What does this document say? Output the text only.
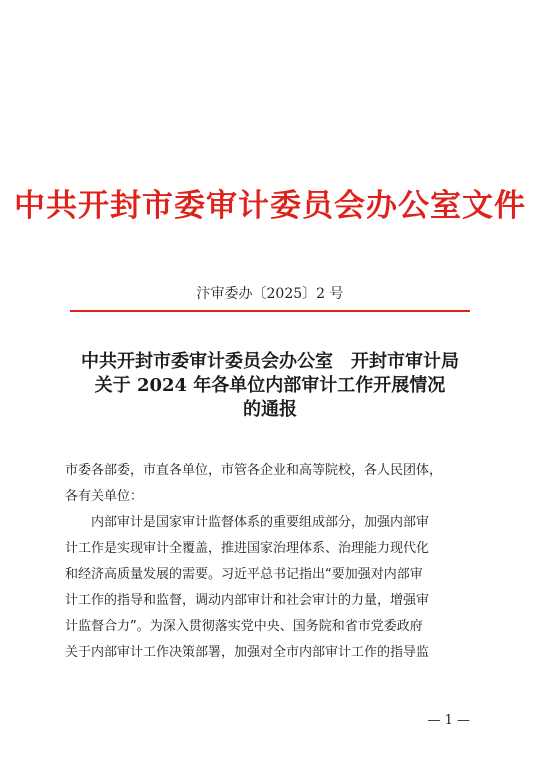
中共开封市委审计委员会办公室文件
汴审委办〔2025〕2 号
中共开封市委审计委员会办公室　开封市审计局
关于 2024 年各单位内部审计工作开展情况
的通报
市委各部委，市直各单位，市管各企业和高等院校，各人民团体，
各有关单位：
内部审计是国家审计监督体系的重要组成部分，加强内部审
计工作是实现审计全覆盖，推进国家治理体系、治理能力现代化
和经济高质量发展的需要。习近平总书记指出“要加强对内部审
计工作的指导和监督，调动内部审计和社会审计的力量，增强审
计监督合力”。为深入贯彻落实党中央、国务院和省市党委政府
关于内部审计工作决策部署，加强对全市内部审计工作的指导监
— 1 —
